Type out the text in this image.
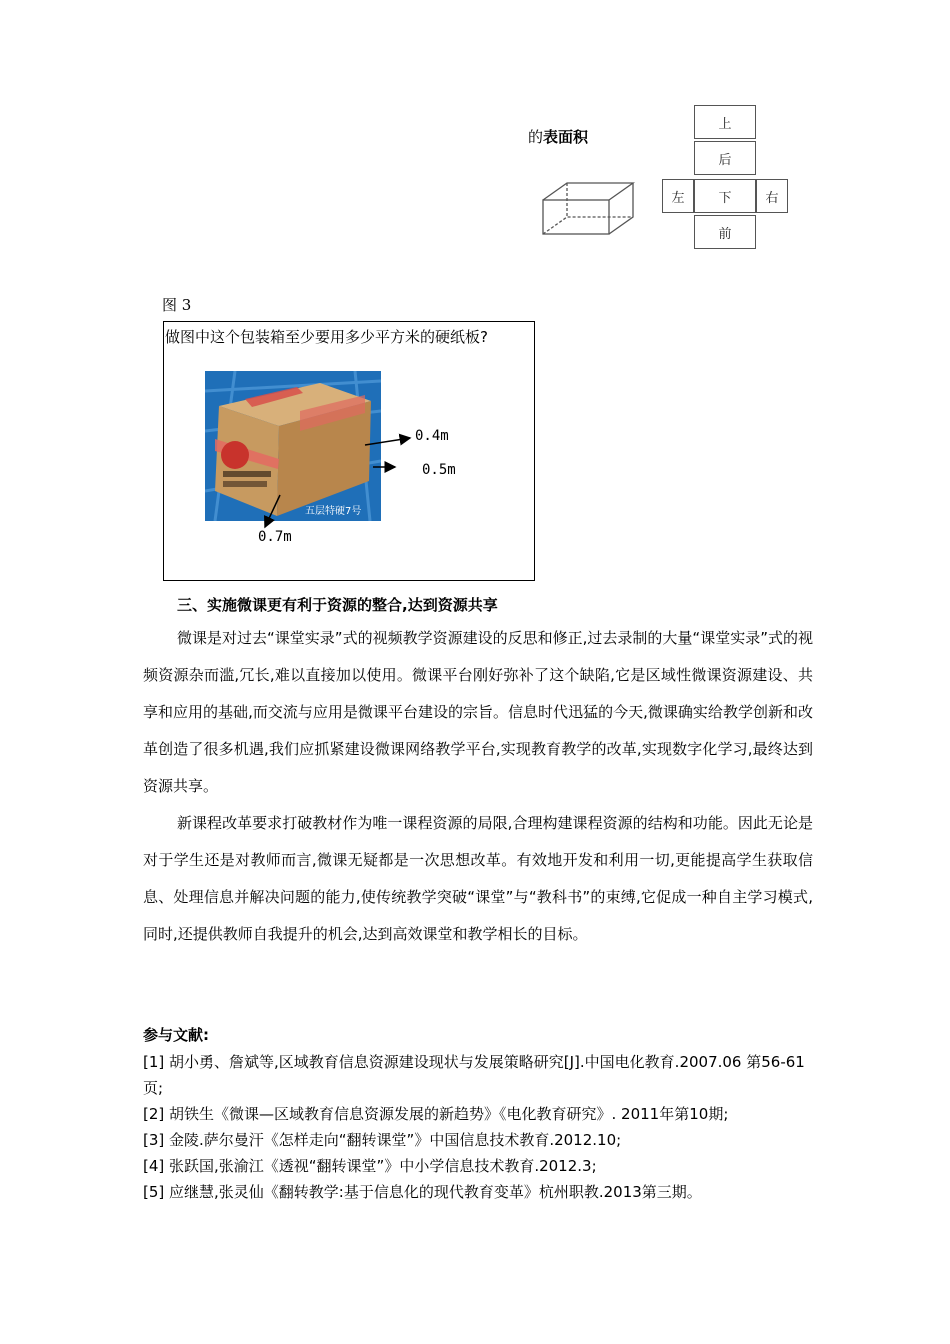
的表面积
上
后
左	下	右
前
图 3
做图中这个包装箱至少要用多少平方米的硬纸板?
五层特硬7号
0.4m
0.5m
0.7m
三、实施微课更有利于资源的整合,达到资源共享
微课是对过去“课堂实录”式的视频教学资源建设的反思和修正,过去录制的大量“课堂实录”式的视频资源杂而滥,冗长,难以直接加以使用。微课平台刚好弥补了这个缺陷,它是区域性微课资源建设、共享和应用的基础,而交流与应用是微课平台建设的宗旨。信息时代迅猛的今天,微课确实给教学创新和改革创造了很多机遇,我们应抓紧建设微课网络教学平台,实现教育教学的改革,实现数字化学习,最终达到资源共享。
新课程改革要求打破教材作为唯一课程资源的局限,合理构建课程资源的结构和功能。因此无论是对于学生还是对教师而言,微课无疑都是一次思想改革。有效地开发和利用一切,更能提高学生获取信息、处理信息并解决问题的能力,使传统教学突破“课堂”与“教科书”的束缚,它促成一种自主学习模式,同时,还提供教师自我提升的机会,达到高效课堂和教学相长的目标。
参与文献:
[1] 胡小勇、詹斌等,区域教育信息资源建设现状与发展策略研究[J].中国电化教育.2007.06 第56-61页;
[2] 胡铁生《微课—区域教育信息资源发展的新趋势》《电化教育研究》. 2011年第10期;
[3] 金陵.萨尔曼汗《怎样走向“翻转课堂”》中国信息技术教育.2012.10;
[4] 张跃国,张渝江《透视“翻转课堂”》中小学信息技术教育.2012.3;
[5] 应继慧,张灵仙《翻转教学:基于信息化的现代教育变革》杭州职教.2013第三期。
